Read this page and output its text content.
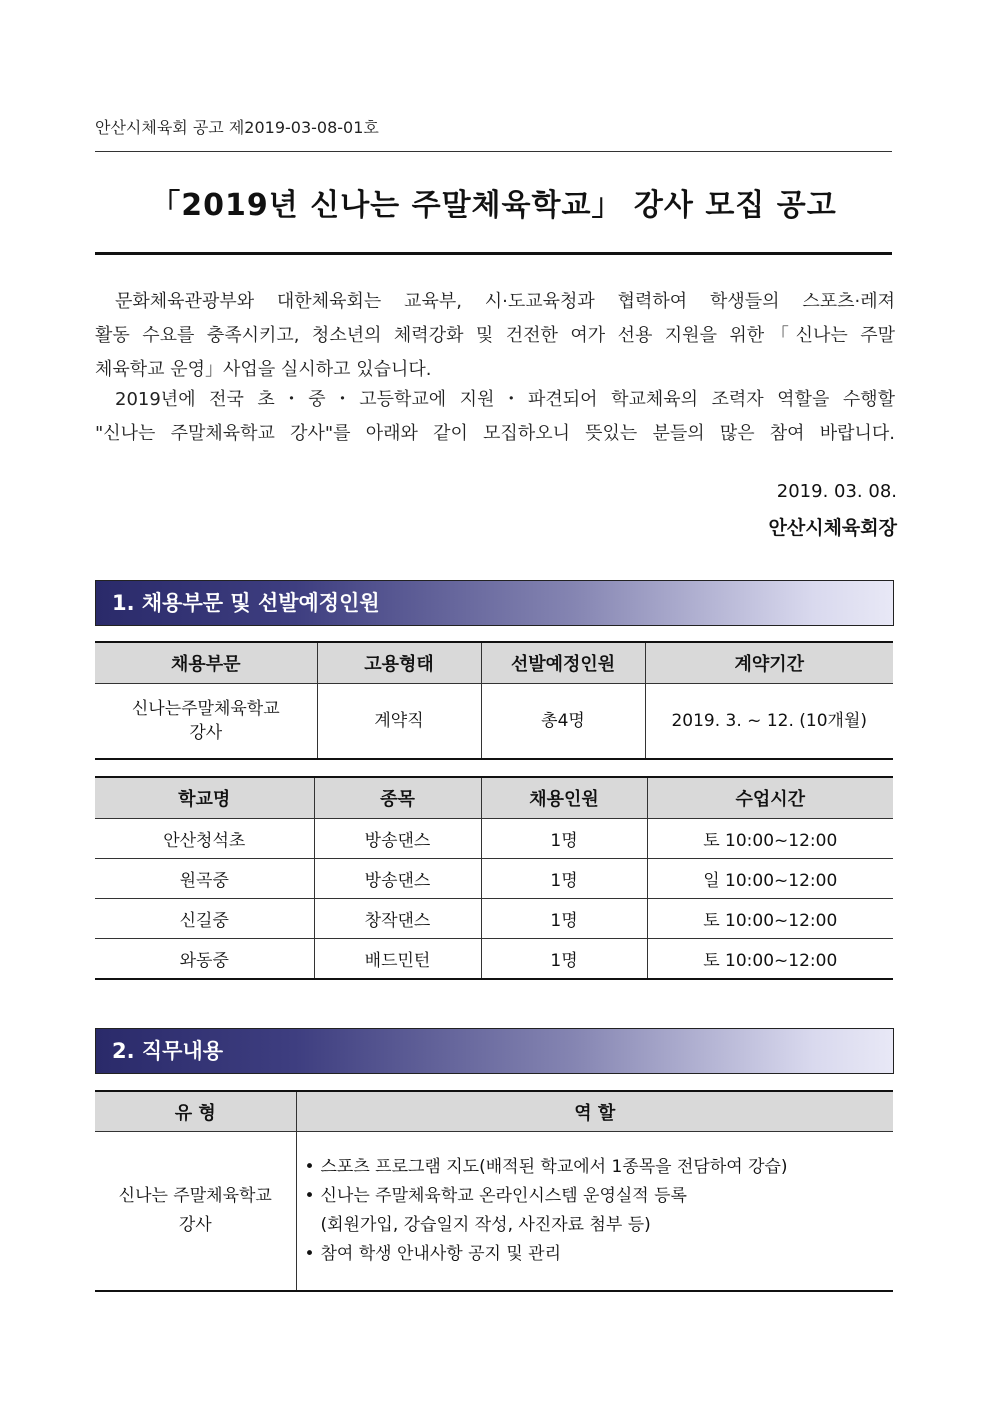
안산시체육회 공고 제2019-03-08-01호
「2019년 신나는 주말체육학교」 강사 모집 공고
문화체육관광부와 대한체육회는 교육부, 시·도교육청과 협력하여 학생들의 스포츠·레져
활동 수요를 충족시키고, 청소년의 체력강화 및 건전한 여가 선용 지원을 위한「신나는 주말
체육학교 운영」사업을 실시하고 있습니다.
2019년에 전국 초・중・고등학교에 지원・파견되어 학교체육의 조력자 역할을 수행할
"신나는 주말체육학교 강사"를 아래와 같이 모집하오니 뜻있는 분들의 많은 참여 바랍니다.
2019. 03. 08.
안산시체육회장
1. 채용부문 및 선발예정인원
채용부문	고용형태	선발예정인원	계약기간
신나는주말체육학교
강사	계약직	총4명	2019. 3. ~ 12. (10개월)
학교명	종목	채용인원	수업시간
안산청석초	방송댄스	1명	토 10:00~12:00
원곡중	방송댄스	1명	일 10:00~12:00
신길중	창작댄스	1명	토 10:00~12:00
와동중	배드민턴	1명	토 10:00~12:00
2. 직무내용
유 형	역 할
신나는 주말체육학교
강사	• 스포츠 프로그램 지도(배적된 학교에서 1종목을 전담하여 강습)
• 신나는 주말체육학교 온라인시스템 운영실적 등록
(회원가입, 강습일지 작성, 사진자료 첨부 등)
• 참여 학생 안내사항 공지 및 관리
